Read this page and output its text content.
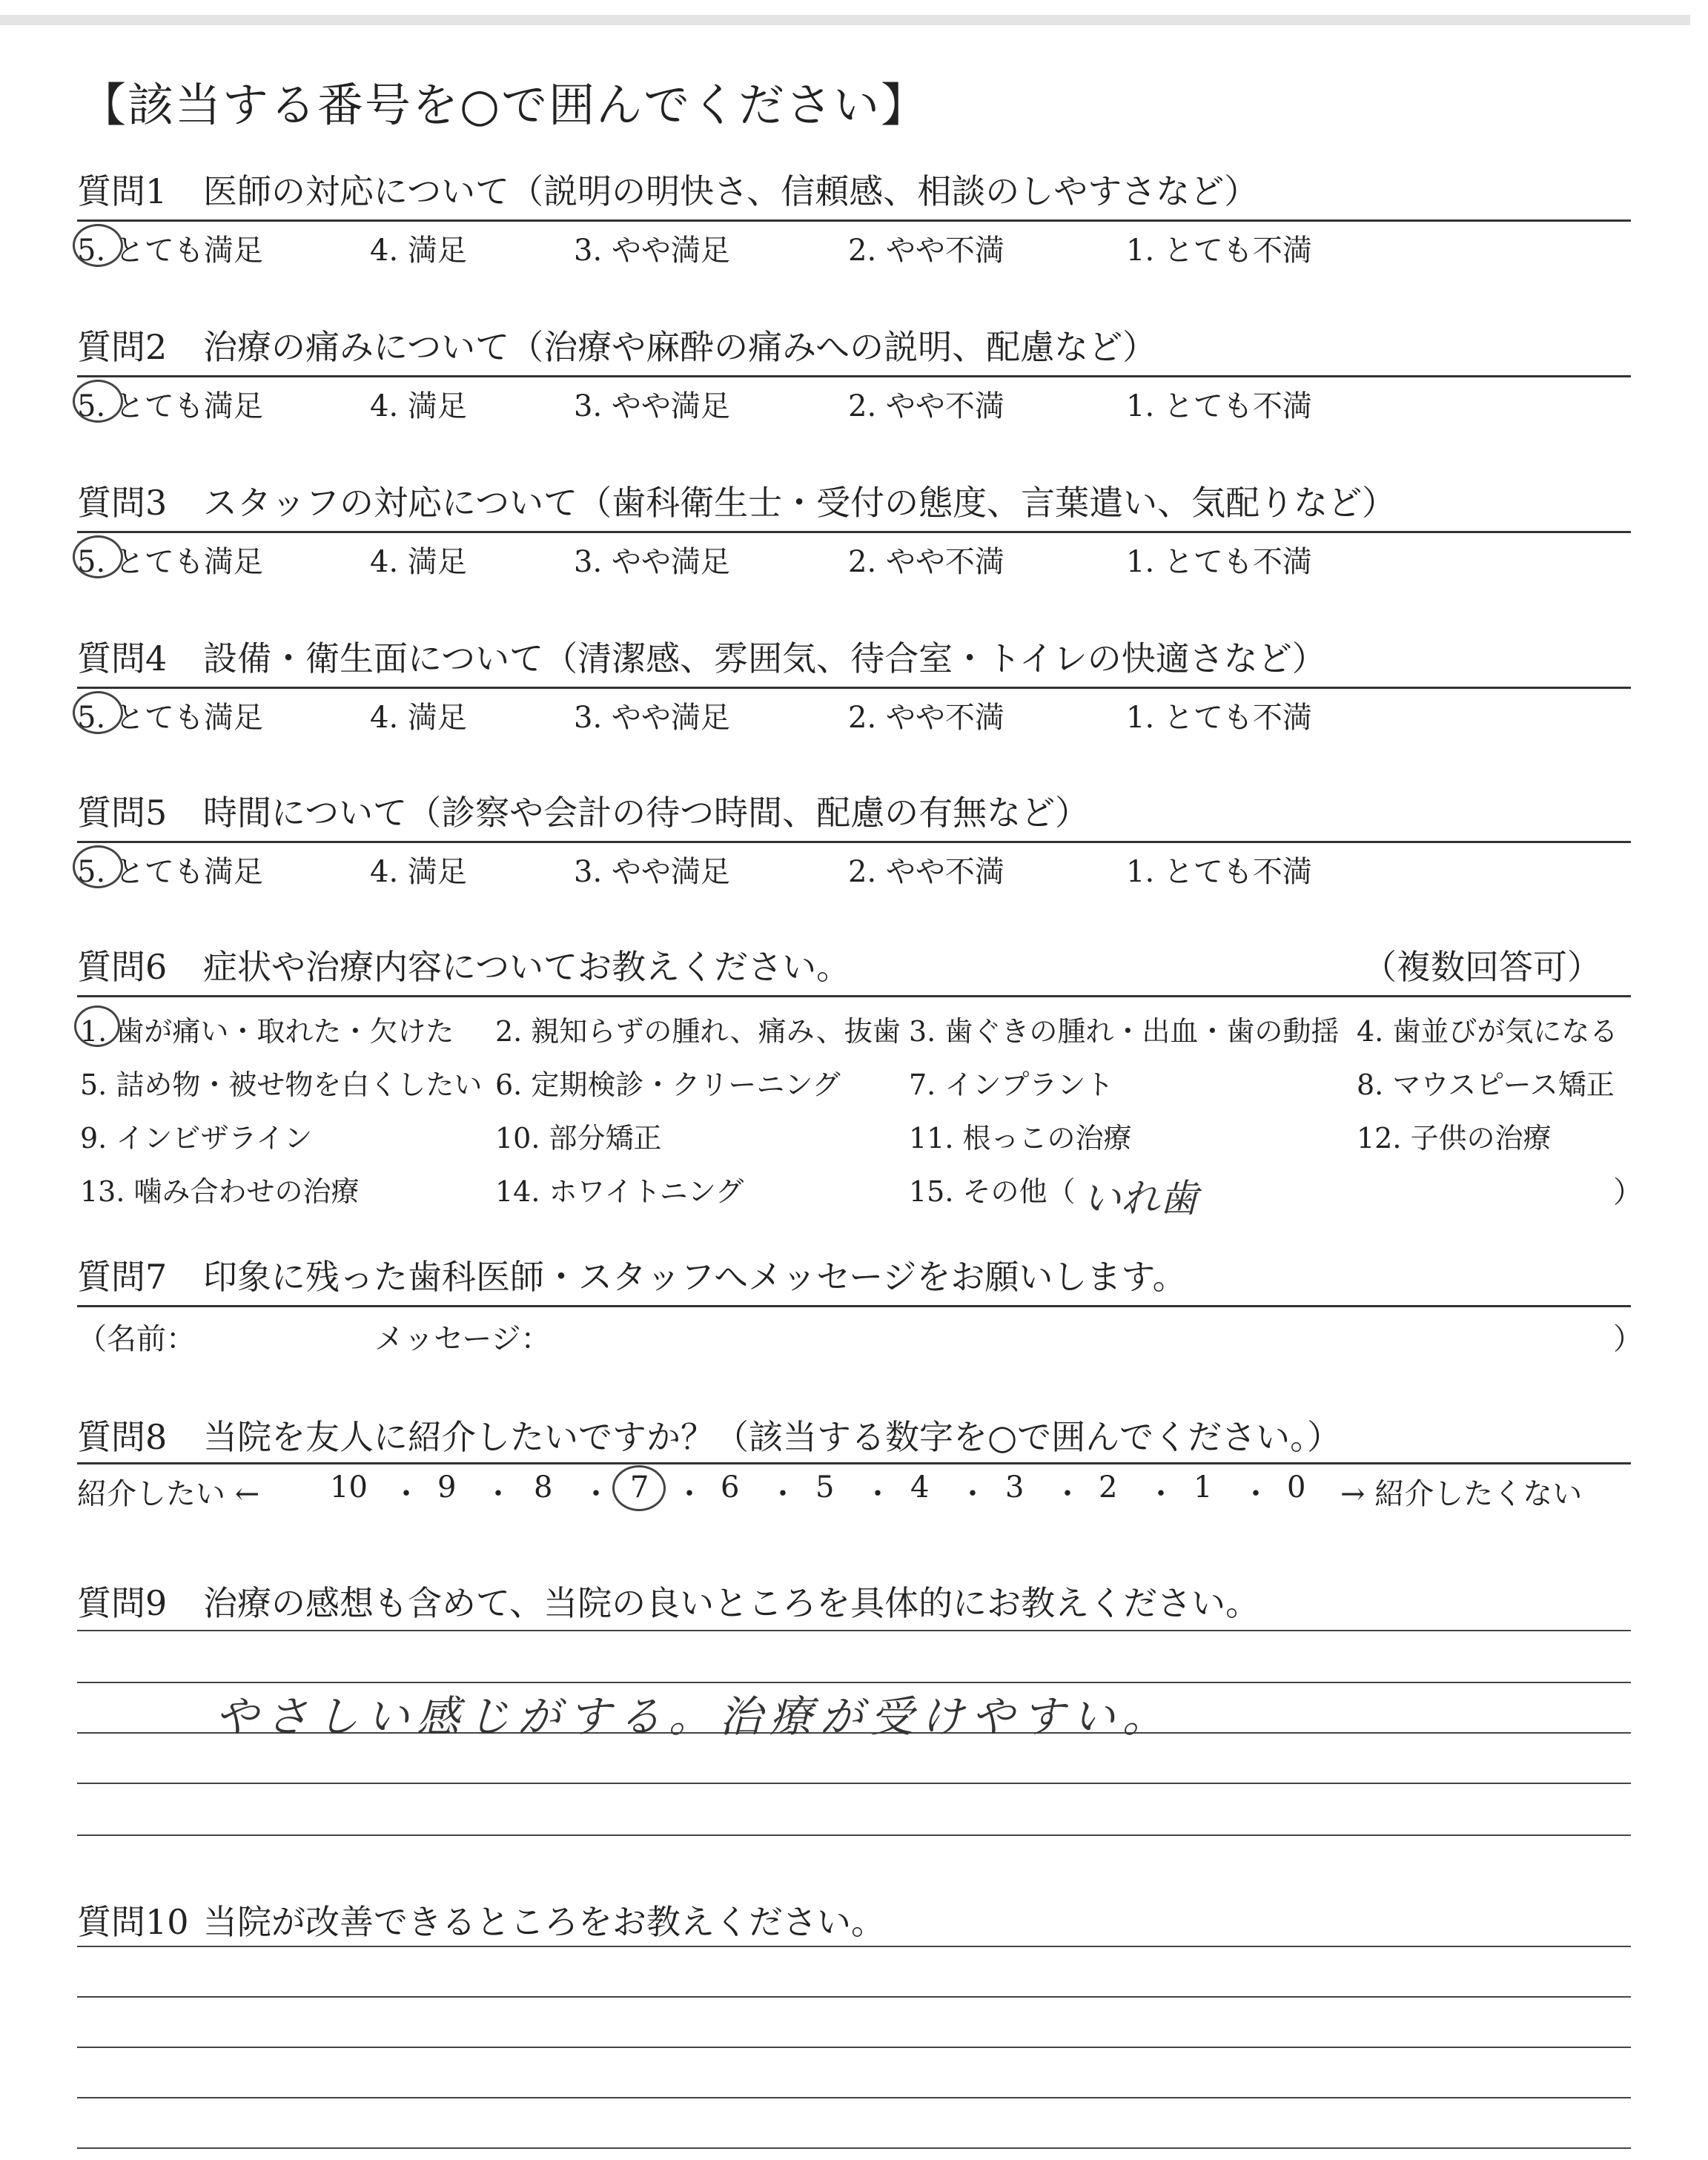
【該当する番号を○で囲んでください】
質問1 医師の対応について（説明の明快さ、信頼感、相談のしやすさなど）
5. とても満足	4. 満足	3. やや満足	2. やや不満	1. とても不満
質問2 治療の痛みについて（治療や麻酔の痛みへの説明、配慮など）
5. とても満足	4. 満足	3. やや満足	2. やや不満	1. とても不満
質問3 スタッフの対応について（歯科衛生士・受付の態度、言葉遣い、気配りなど）
5. とても満足	4. 満足	3. やや満足	2. やや不満	1. とても不満
質問4 設備・衛生面について（清潔感、雰囲気、待合室・トイレの快適さなど）
5. とても満足	4. 満足	3. やや満足	2. やや不満	1. とても不満
質問5 時間について（診察や会計の待つ時間、配慮の有無など）
5. とても満足	4. 満足	3. やや満足	2. やや不満	1. とても不満
質問6 症状や治療内容についてお教えください。	（複数回答可）
1. 歯が痛い・取れた・欠けた 2. 親知らずの腫れ、痛み、抜歯 3. 歯ぐきの腫れ・出血・歯の動揺 4. 歯並びが気になる
5. 詰め物・被せ物を白くしたい 6. 定期検診・クリーニング 7. インプラント	8. マウスピース矯正
9. インビザライン	10. 部分矯正	11. 根っこの治療	12. 子供の治療
13. 噛み合わせの治療	14. ホワイトニング	15. その他（ いれ歯	）
質問7 印象に残った歯科医師・スタッフへメッセージをお願いします。
（名前：	メッセージ：	）
質問8 当院を友人に紹介したいですか？（該当する数字を○で囲んでください。）
紹介したい ←	10 9	8	7 6	5	4	3	2	1	0 → 紹介したくない
・ ・ ・ ・ ・ ・ ・ ・ ・ ・
質問9 治療の感想も含めて、当院の良いところを具体的にお教えください。
やさしい感じがする。治療が受けやすい。
質問10 当院が改善できるところをお教えください。
